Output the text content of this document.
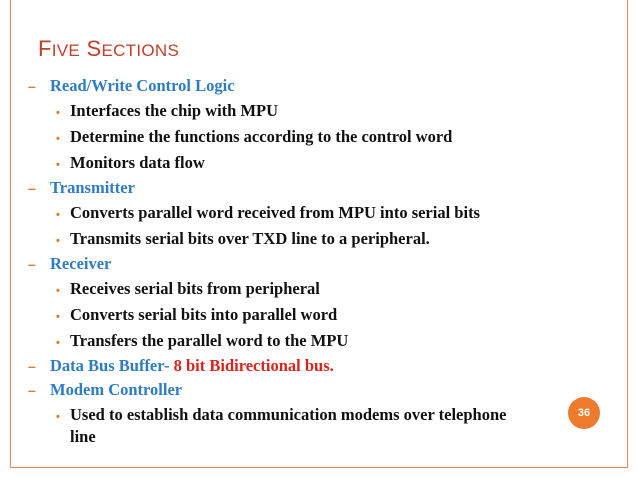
FIVE SECTIONS
– Read/Write Control Logic
• Interfaces the chip with MPU
• Determine the functions according to the control word
• Monitors data flow
– Transmitter
• Converts parallel word received from MPU into serial bits
• Transmits serial bits over TXD line to a peripheral.
– Receiver
• Receives serial bits from peripheral
• Converts serial bits into parallel word
• Transfers the parallel word to the MPU
– Data Bus Buffer- 8 bit Bidirectional bus.
– Modem Controller
• Used to establish data communication modems over telephone line
36
